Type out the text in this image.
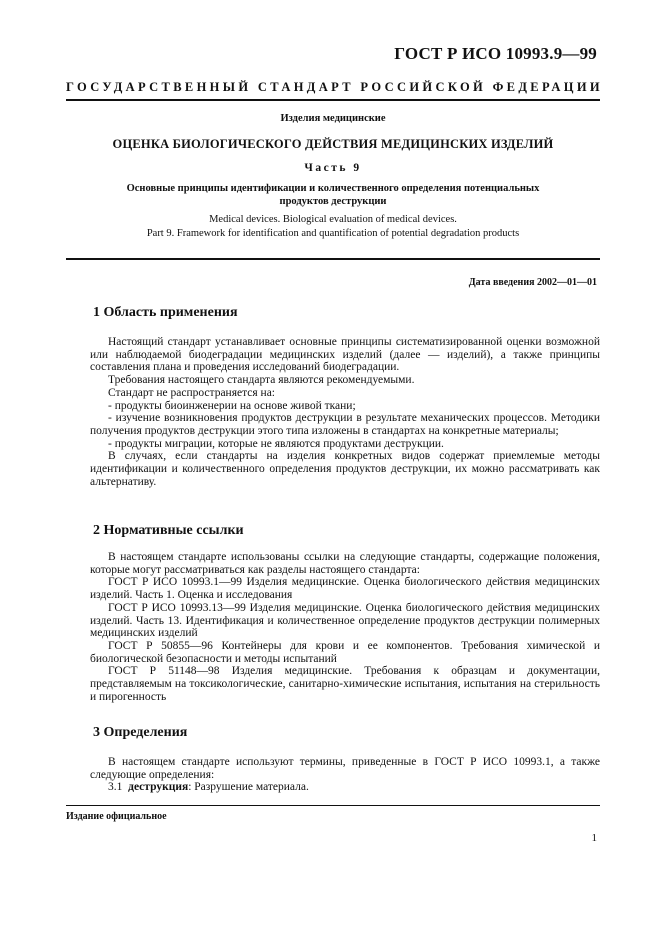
ГОСТ Р ИСО 10993.9—99
ГОСУДАРСТВЕННЫЙ СТАНДАРТ РОССИЙСКОЙ ФЕДЕРАЦИИ
Изделия медицинские
ОЦЕНКА БИОЛОГИЧЕСКОГО ДЕЙСТВИЯ МЕДИЦИНСКИХ ИЗДЕЛИЙ
Часть 9
Основные принципы идентификации и количественного определения потенциальных продуктов деструкции
Medical devices. Biological evaluation of medical devices.
Part 9. Framework for identification and quantification of potential degradation products
Дата введения 2002—01—01
1 Область применения

Настоящий стандарт устанавливает основные принципы систематизированной оценки возможной или наблюдаемой биодеградации медицинских изделий (далее — изделий), а также принципы составления плана и проведения исследований биодеградации.

Требования настоящего стандарта являются рекомендуемыми.

Стандарт не распространяется на:

- продукты биоинженерии на основе живой ткани;

- изучение возникновения продуктов деструкции в результате механических процессов. Методики получения продуктов деструкции этого типа изложены в стандартах на конкретные материалы;

- продукты миграции, которые не являются продуктами деструкции.

В случаях, если стандарты на изделия конкретных видов содержат приемлемые методы идентификации и количественного определения продуктов деструкции, их можно рассматривать как альтернативу.

2 Нормативные ссылки

В настоящем стандарте использованы ссылки на следующие стандарты, содержащие положения, которые могут рассматриваться как разделы настоящего стандарта:

ГОСТ Р ИСО 10993.1—99 Изделия медицинские. Оценка биологического действия медицинских изделий. Часть 1. Оценка и исследования

ГОСТ Р ИСО 10993.13—99 Изделия медицинские. Оценка биологического действия медицинских изделий. Часть 13. Идентификация и количественное определение продуктов деструкции полимерных медицинских изделий

ГОСТ Р 50855—96 Контейнеры для крови и ее компонентов. Требования химической и биологической безопасности и методы испытаний

ГОСТ Р 51148—98 Изделия медицинские. Требования к образцам и документации, представляемым на токсикологические, санитарно-химические испытания, испытания на стерильность и пирогенность

3 Определения

В настоящем стандарте используют термины, приведенные в ГОСТ Р ИСО 10993.1, а также следующие определения:

3.1 деструкция: Разрушение материала.

Издание официальное
1
